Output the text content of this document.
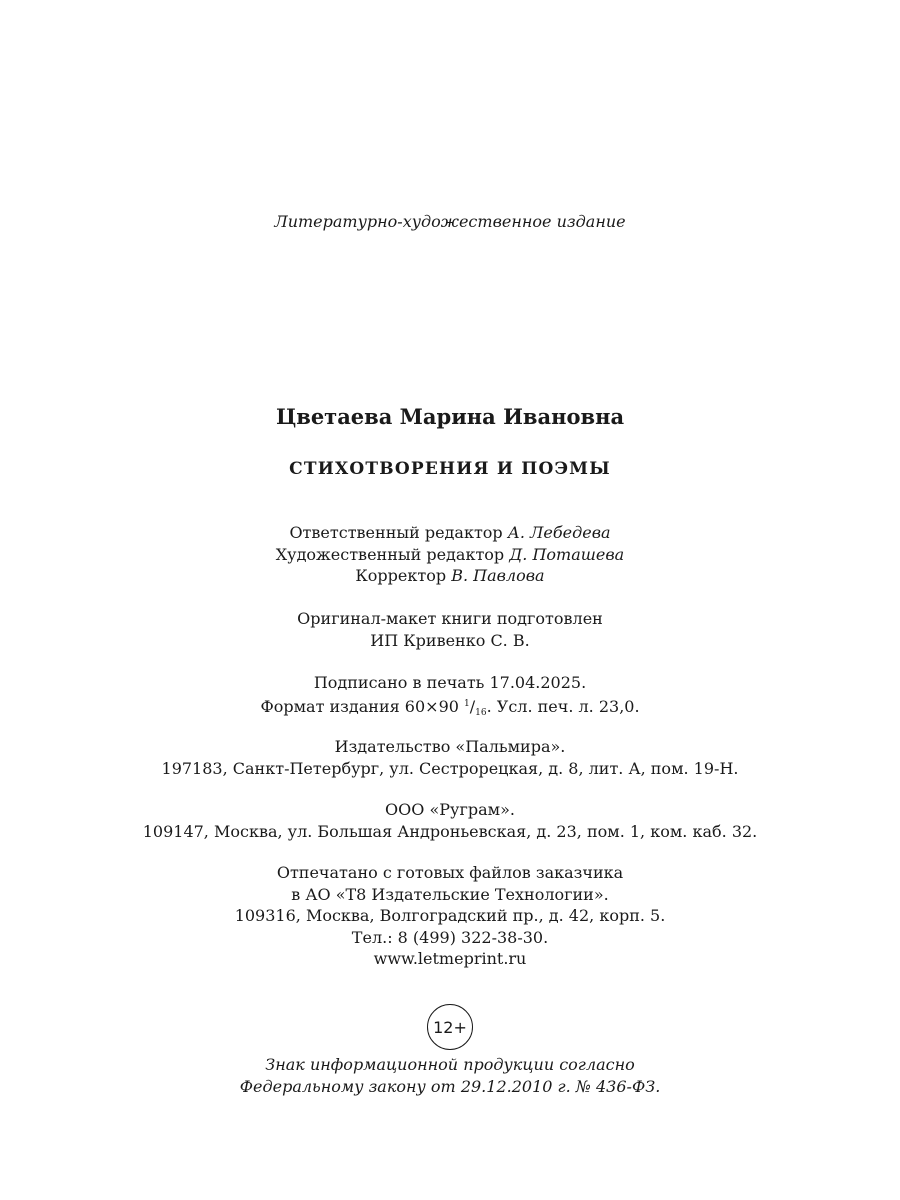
Литературно-художественное издание
Цветаева Марина Ивановна
СТИХОТВОРЕНИЯ И ПОЭМЫ
Ответственный редактор А. Лебедева
Художественный редактор Д. Поташева
Корректор В. Павлова
Оригинал-макет книги подготовлен
ИП Кривенко С. В.
Подписано в печать 17.04.2025.
Формат издания 60×90 $^1/_{16}$. Усл. печ. л. 23,0.
Издательство «Пальмира».
197183, Санкт-Петербург, ул. Сестрорецкая, д. 8, лит. А, пом. 19-Н.
ООО «Руграм».
109147, Москва, ул. Большая Андроньевская, д. 23, пом. 1, ком. каб. 32.
Отпечатано с готовых файлов заказчика
в АО «Т8 Издательские Технологии».
109316, Москва, Волгоградский пр., д. 42, корп. 5.
Тел.: 8 (499) 322-38-30.
www.letmeprint.ru
12+
Знак информационной продукции согласно
Федеральному закону от 29.12.2010 г. № 436-ФЗ.
